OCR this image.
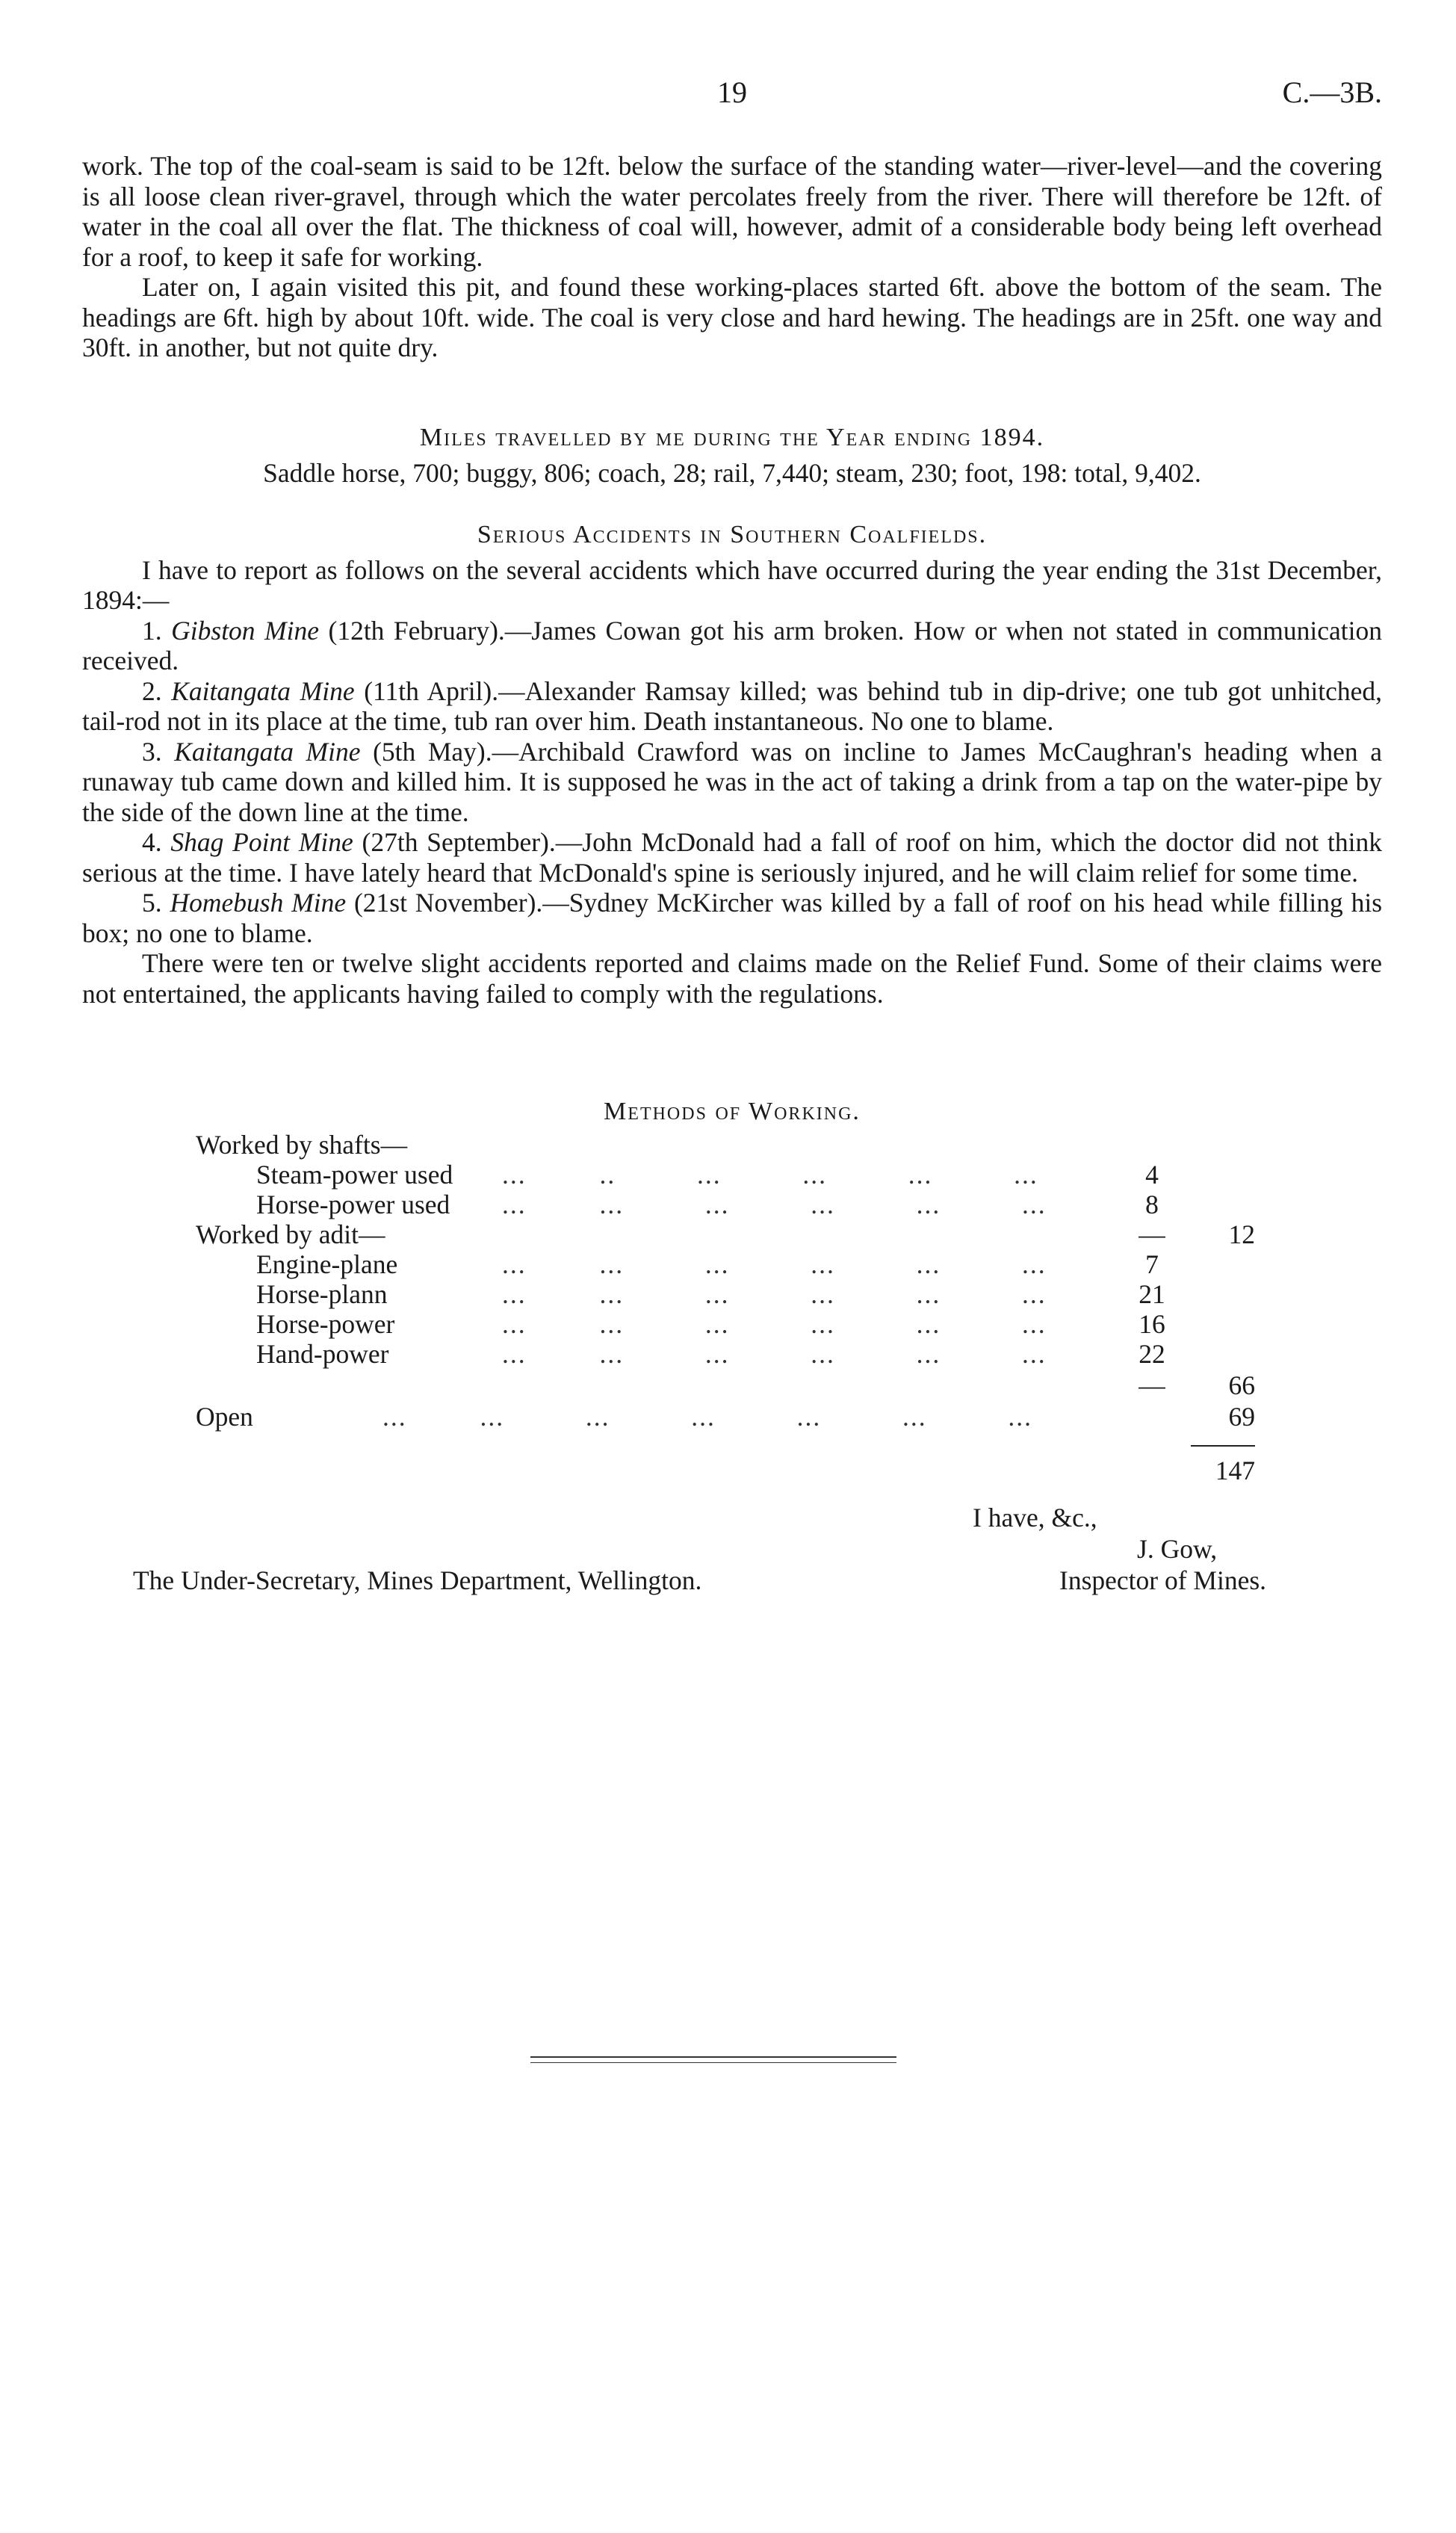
19	C.—3B.

work. The top of the coal-seam is said to be 12ft. below the surface of the standing water—river-level—and the covering is all loose clean river-gravel, through which the water percolates freely from the river. There will therefore be 12ft. of water in the coal all over the flat. The thickness of coal will, however, admit of a considerable body being left overhead for a roof, to keep it safe for working.

Later on, I again visited this pit, and found these working-places started 6ft. above the bottom of the seam. The headings are 6ft. high by about 10ft. wide. The coal is very close and hard hewing. The headings are in 25ft. one way and 30ft. in another, but not quite dry.

Miles travelled by me during the Year ending 1894.

Saddle horse, 700; buggy, 806; coach, 28; rail, 7,440; steam, 230; foot, 198: total, 9,402.

Serious Accidents in Southern Coalfields.

I have to report as follows on the several accidents which have occurred during the year ending the 31st December, 1894:—

1. Gibston Mine (12th February).—James Cowan got his arm broken. How or when not stated in communication received.

2. Kaitangata Mine (11th April).—Alexander Ramsay killed; was behind tub in dip-drive; one tub got unhitched, tail-rod not in its place at the time, tub ran over him. Death instantaneous. No one to blame.

3. Kaitangata Mine (5th May).—Archibald Crawford was on incline to James McCaughran's heading when a runaway tub came down and killed him. It is supposed he was in the act of taking a drink from a tap on the water-pipe by the side of the down line at the time.

4. Shag Point Mine (27th September).—John McDonald had a fall of roof on him, which the doctor did not think serious at the time. I have lately heard that McDonald's spine is seriously injured, and he will claim relief for some time.

5. Homebush Mine (21st November).—Sydney McKircher was killed by a fall of roof on his head while filling his box; no one to blame.

There were ten or twelve slight accidents reported and claims made on the Relief Fund. Some of their claims were not entertained, the applicants having failed to comply with the regulations.

Methods of Working.

Worked by shafts—
Steam-power used ...         ..          ...          ...          ...          ...	4
Horse-power used ...         ...          ...          ...          ...          ...	8
Worked by adit—	—	12
Engine-plane	...         ...          ...          ...          ...          ...	7
Horse-plann	...         ...          ...          ...          ...          ...	21
Horse-power	...         ...          ...          ...          ...          ...	16
Hand-power	...         ...          ...          ...          ...          ...	22
—	66
Open	...         ...          ...          ...          ...          ...          ...	69
147
I have, &c.,
J. Gow,
Inspector of Mines.
The Under-Secretary, Mines Department, Wellington.
